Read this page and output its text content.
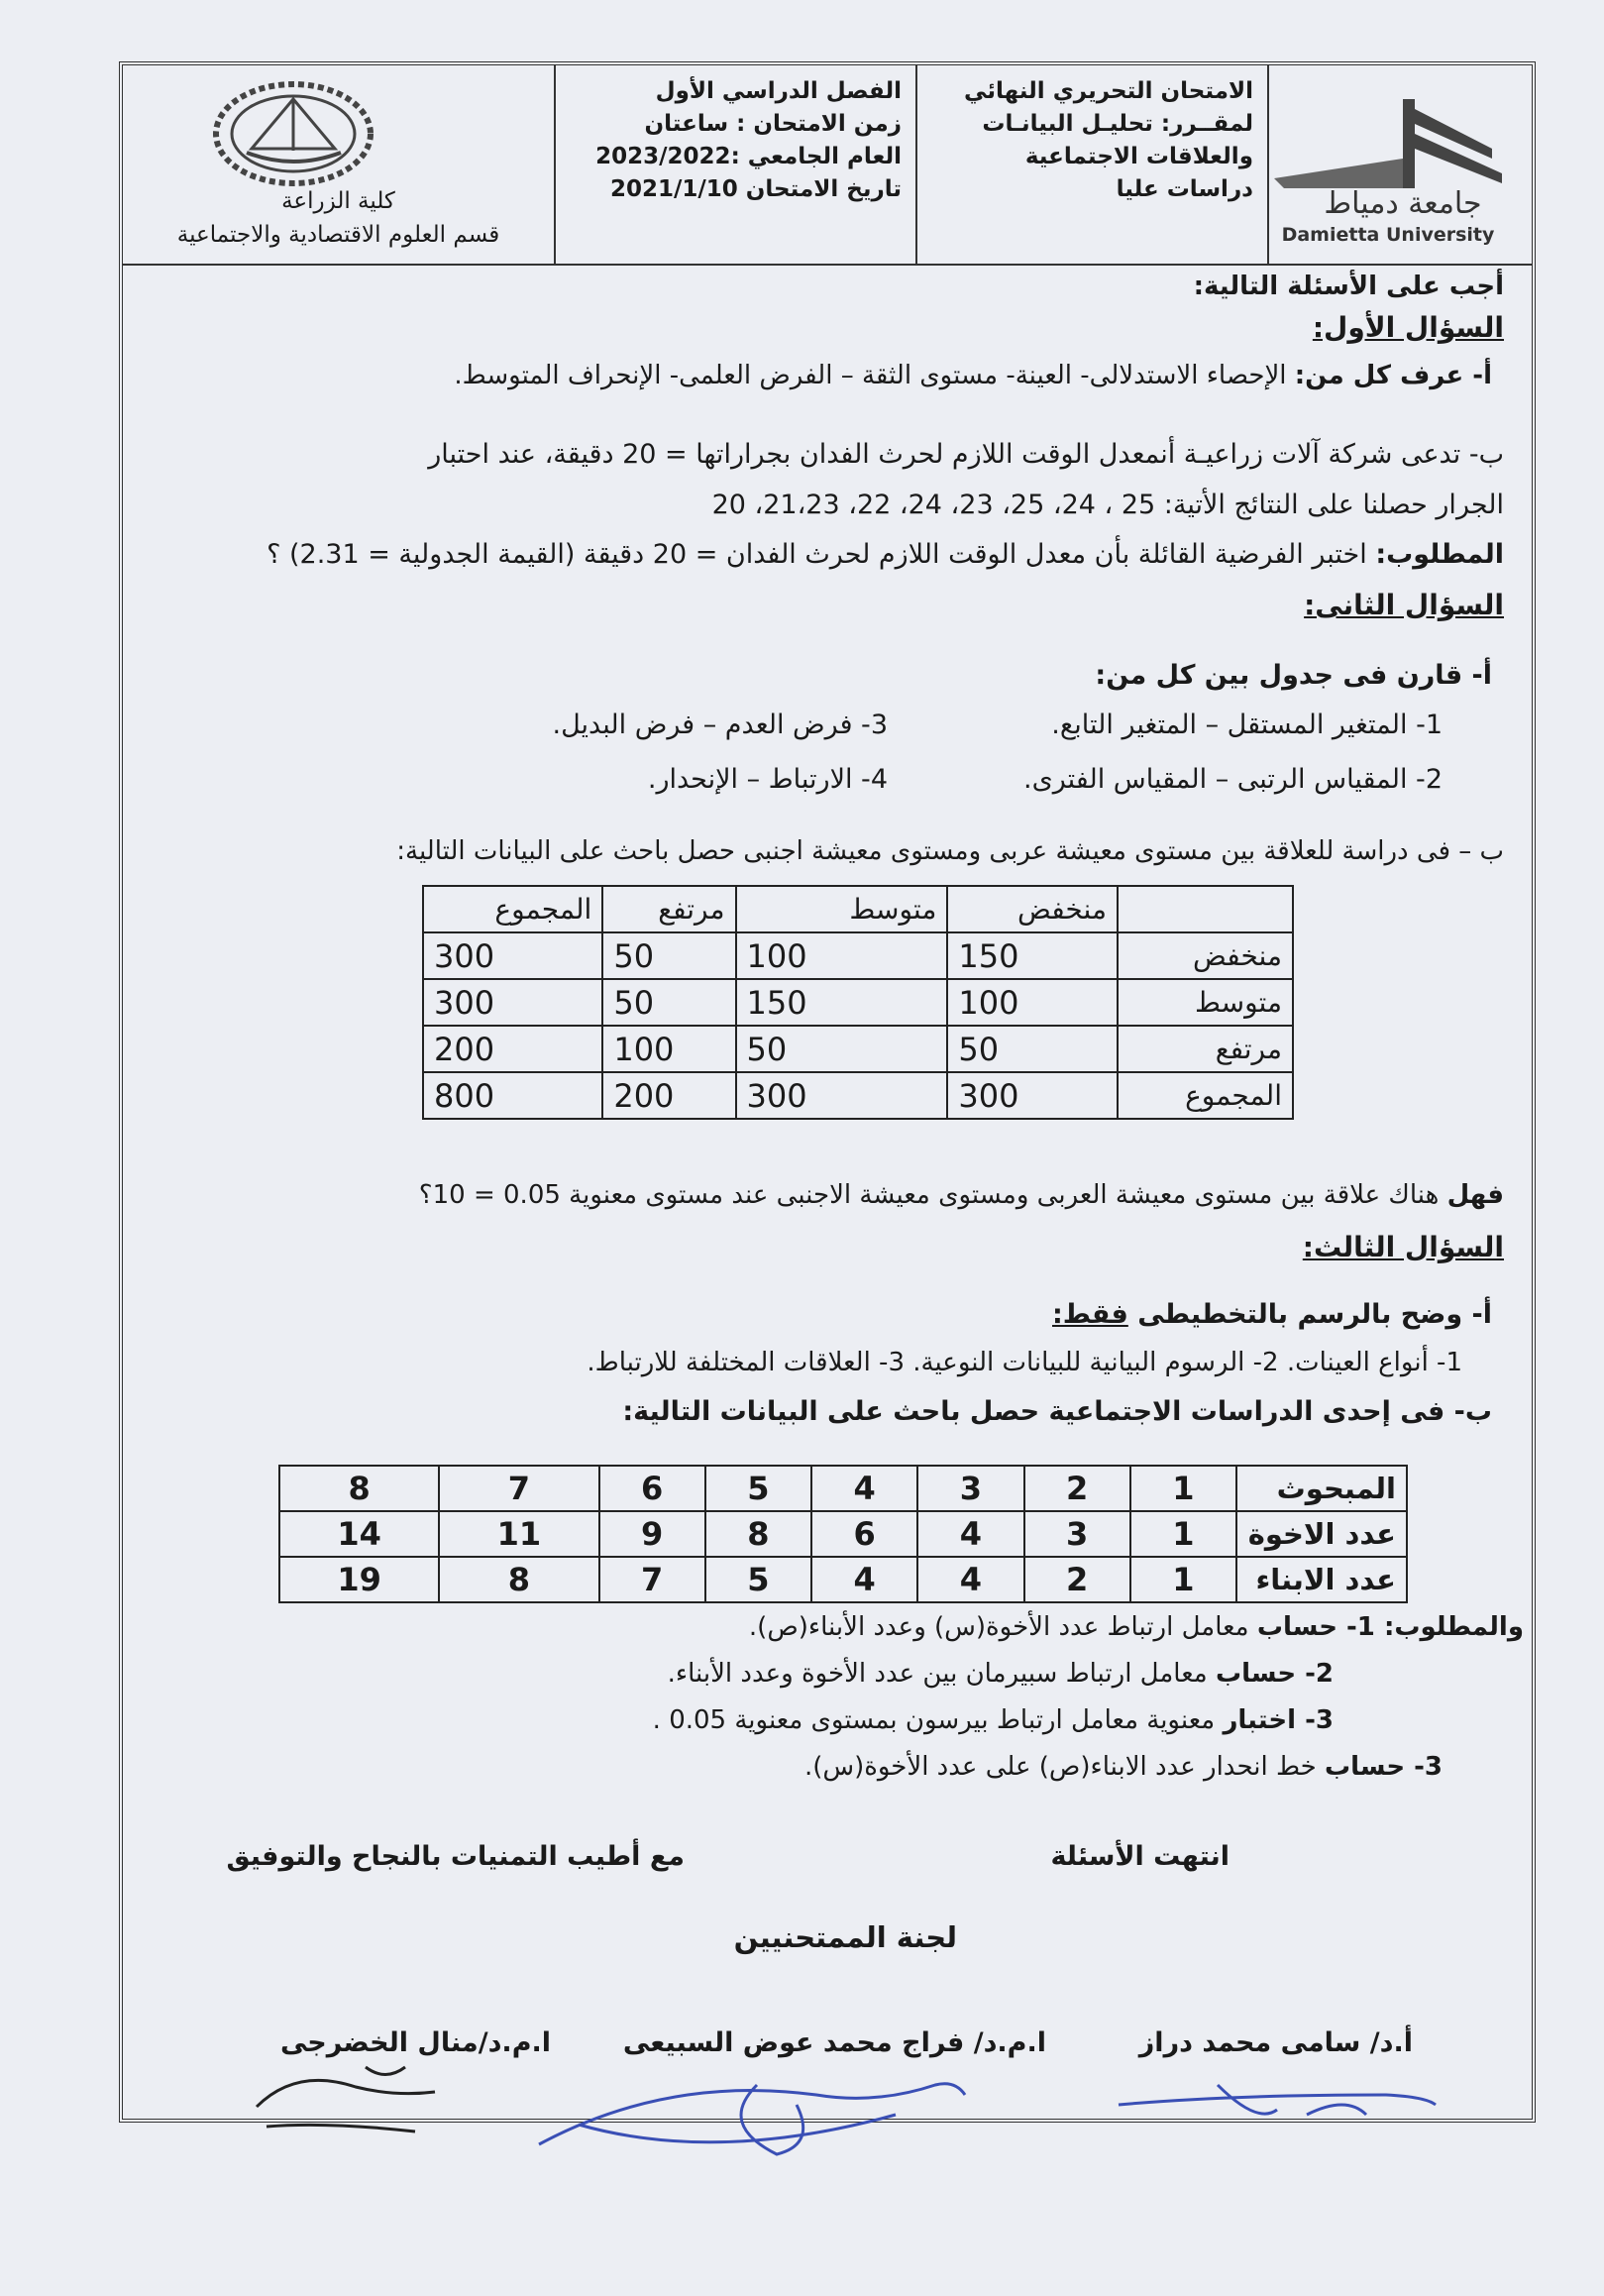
كلية الزراعة
قسم العلوم الاقتصادية والاجتماعية
الفصل الدراسي الأول
زمن الامتحان : ساعتان
العام الجامعي :2023/2022
تاريخ الامتحان 2021/1/10
الامتحان التحريري النهائي
لمقــرر: تحليـل البيانـات
والعلاقات الاجتماعية
دراسات عليا جامعة دمياط
Damietta University
أجب على الأسئلة التالية:
السؤال الأول:
أ- عرف كل من: الإحصاء الاستدلالى- العينة- مستوى الثقة – الفرض العلمى- الإنحراف المتوسط.
ب- تدعى شركة آلات زراعيـة أنمعدل الوقت اللازم لحرث الفدان بجراراتها = 20 دقيقة، عند احتبار
الجرار حصلنا على النتائج الأتية: 25 ، 24، 25، 23، 24، 22، 21،23، 20
المطلوب: اختبر الفرضية القائلة بأن معدل الوقت اللازم لحرث الفدان = 20 دقيقة (القيمة الجدولية = 2.31) ؟
السؤال الثانى:
أ- قارن فى جدول بين كل من:
1- المتغير المستقل – المتغير التابع.
3- فرض العدم – فرض البديل.
2- المقياس الرتبى – المقياس الفترى.
4- الارتباط – الإنحدار.
ب – فى دراسة للعلاقة بين مستوى معيشة عربى ومستوى معيشة اجنبى حصل باحث على البيانات التالية:
	منخفض	متوسط	مرتفع	المجموع
منخفض	150	100	50	300
متوسط	100	150	50	300
مرتفع	50	50	100	200
المجموع	300	300	200	800
فهل هناك علاقة بين مستوى معيشة العربى ومستوى معيشة الاجنبى عند مستوى معنوية 0.05 = 10؟
السؤال الثالث:
أ- وضح بالرسم بالتخطيطى فقط:
1- أنواع العينات. 2- الرسوم البيانية للبيانات النوعية. 3- العلاقات المختلفة للارتباط.
ب- فى إحدى الدراسات الاجتماعية حصل باحث على البيانات التالية:
المبحوث	1	2	3	4	5	6	7	8
عدد الاخوة	1	3	4	6	8	9	11	14
عدد الابناء	1	2	4	4	5	7	8	19
والمطلوب: 1- حساب معامل ارتباط عدد الأخوة(س) وعدد الأبناء(ص).
2- حساب معامل ارتباط سبيرمان بين عدد الأخوة وعدد الأبناء.
3- اختبار معنوية معامل ارتباط بيرسون بمستوى معنوية 0.05 .
3- حساب خط انحدار عدد الابناء(ص) على عدد الأخوة(س).
انتهت الأسئلة
مع أطيب التمنيات بالنجاح والتوفيق
لجنة الممتحنيين
أ.د/ سامى محمد دراز
ا.م.د/ فراج محمد عوض السبيعى
ا.م.د/منال الخضرجى
